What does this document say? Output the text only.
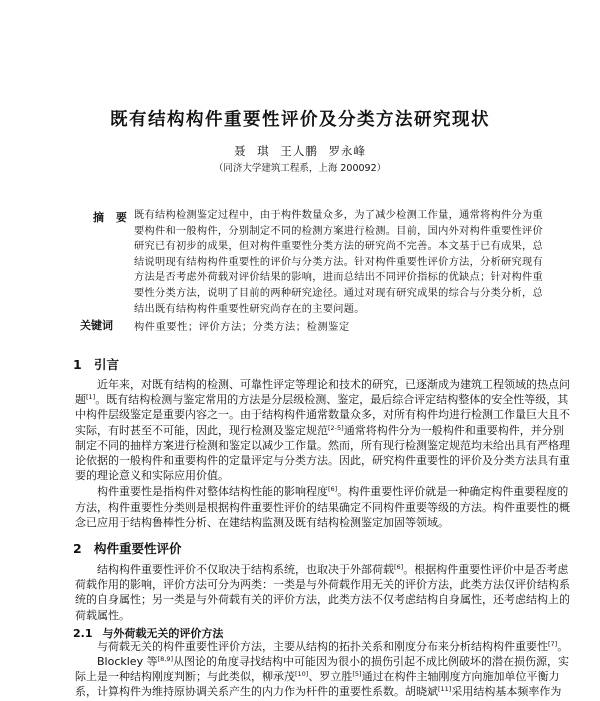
既有结构构件重要性评价及分类方法研究现状
聂 琪 王人鹏 罗永峰
（同济大学建筑工程系，上海 200092）
摘 要 既有结构检测鉴定过程中，由于构件数量众多，为了减少检测工作量，通常将构件分为重
要构件和一般构件，分别制定不同的检测方案进行检测。目前，国内外对构件重要性评价
研究已有初步的成果，但对构件重要性分类方法的研究尚不完善。本文基于已有成果，总
结说明现有结构构件重要性的评价与分类方法。针对构件重要性评价方法，分析研究现有
方法是否考虑外荷载对评价结果的影响，进而总结出不同评价指标的优缺点；针对构件重
要性分类方法，说明了目前的两种研究途径。通过对现有研究成果的综合与分类分析，总
结出既有结构构件重要性研究尚存在的主要问题。
关键词 构件重要性；评价方法；分类方法；检测鉴定
1 引言
近年来，对既有结构的检测、可靠性评定等理论和技术的研究，已逐渐成为建筑工程领域的热点问
题[1]。既有结构检测与鉴定常用的方法是分层级检测、鉴定，最后综合评定结构整体的安全性等级，其
中构件层级鉴定是重要内容之一。由于结构构件通常数量众多，对所有构件均进行检测工作量巨大且不
实际，有时甚至不可能，因此，现行检测及鉴定规范[2-5]通常将构件分为一般构件和重要构件，并分别
制定不同的抽样方案进行检测和鉴定以减少工作量。然而，所有现行检测鉴定规范均未给出具有严格理
论依据的一般构件和重要构件的定量评定与分类方法。因此，研究构件重要性的评价及分类方法具有重
要的理论意义和实际应用价值。
构件重要性是指构件对整体结构性能的影响程度[6]。构件重要性评价就是一种确定构件重要程度的
方法，构件重要性分类则是根据构件重要性评价的结果确定不同构件重要等级的方法。构件重要性的概
念已应用于结构鲁棒性分析、在建结构监测及既有结构检测鉴定加固等领域。
2 构件重要性评价
结构构件重要性评价不仅取决于结构系统，也取决于外部荷载[6]。根据构件重要性评价中是否考虑
荷载作用的影响，评价方法可分为两类：一类是与外荷载作用无关的评价方法，此类方法仅评价结构系
统的自身属性；另一类是与外荷载有关的评价方法，此类方法不仅考虑结构自身属性，还考虑结构上的
荷载属性。
2.1 与外荷载无关的评价方法
与荷载无关的构件重要性评价方法，主要从结构的拓扑关系和刚度分布来分析结构构件重要性[7]。
Blockley 等[8,9]从图论的角度寻找结构中可能因为很小的损伤引起不成比例破坏的潜在损伤源，实
际上是一种结构刚度判断；与此类似，柳承茂[10]、罗立胜[5]通过在构件主轴刚度方向施加单位平衡力
系，计算构件为维持原协调关系产生的内力作为杆件的重要性系数。胡晓斌[11]采用结构基本频率作为
